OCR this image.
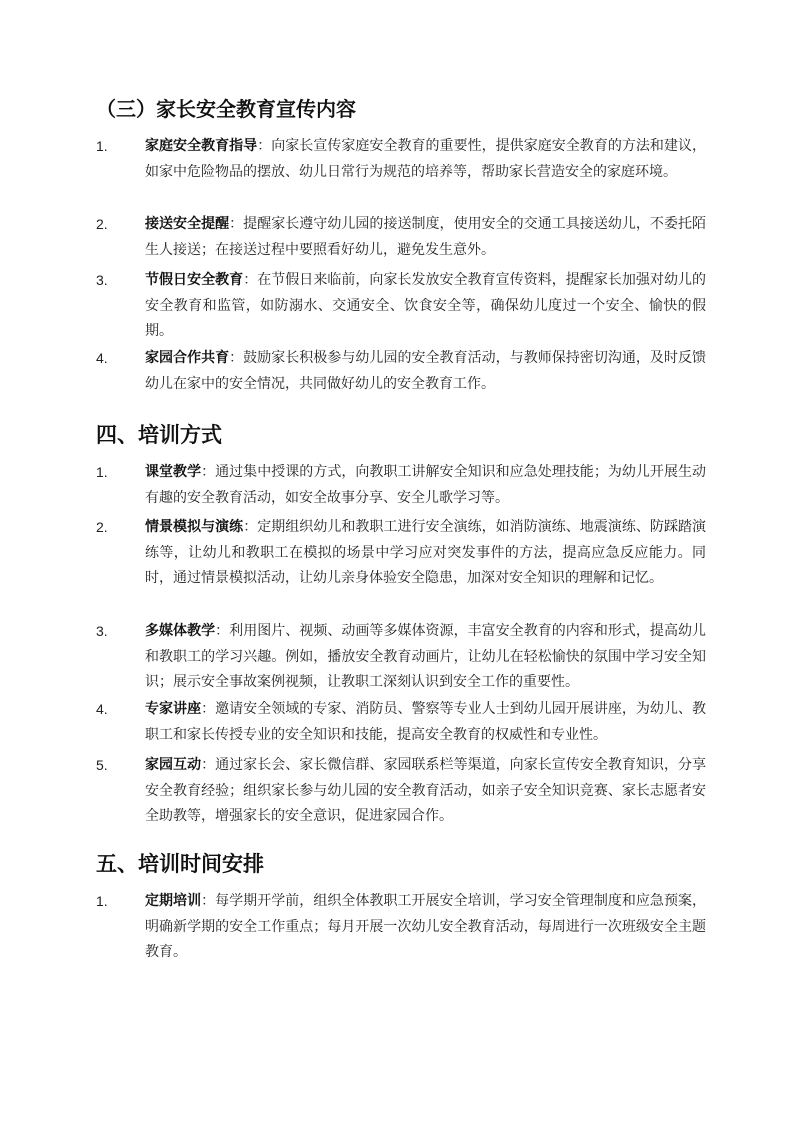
（三）家长安全教育宣传内容
1.	家庭安全教育指导：向家长宣传家庭安全教育的重要性，提供家庭安全教育的方法和建议，如家中危险物品的摆放、幼儿日常行为规范的培养等，帮助家长营造安全的家庭环境。
2.	接送安全提醒：提醒家长遵守幼儿园的接送制度，使用安全的交通工具接送幼儿，不委托陌生人接送；在接送过程中要照看好幼儿，避免发生意外。
3.	节假日安全教育：在节假日来临前，向家长发放安全教育宣传资料，提醒家长加强对幼儿的安全教育和监管，如防溺水、交通安全、饮食安全等，确保幼儿度过一个安全、愉快的假期。
4.	家园合作共育：鼓励家长积极参与幼儿园的安全教育活动，与教师保持密切沟通，及时反馈幼儿在家中的安全情况，共同做好幼儿的安全教育工作。
四、培训方式
1.	课堂教学：通过集中授课的方式，向教职工讲解安全知识和应急处理技能；为幼儿开展生动有趣的安全教育活动，如安全故事分享、安全儿歌学习等。
2.	情景模拟与演练：定期组织幼儿和教职工进行安全演练，如消防演练、地震演练、防踩踏演练等，让幼儿和教职工在模拟的场景中学习应对突发事件的方法，提高应急反应能力。同时，通过情景模拟活动，让幼儿亲身体验安全隐患，加深对安全知识的理解和记忆。
3.	多媒体教学：利用图片、视频、动画等多媒体资源，丰富安全教育的内容和形式，提高幼儿和教职工的学习兴趣。例如，播放安全教育动画片，让幼儿在轻松愉快的氛围中学习安全知识；展示安全事故案例视频，让教职工深刻认识到安全工作的重要性。
4.	专家讲座：邀请安全领域的专家、消防员、警察等专业人士到幼儿园开展讲座，为幼儿、教职工和家长传授专业的安全知识和技能，提高安全教育的权威性和专业性。
5.	家园互动：通过家长会、家长微信群、家园联系栏等渠道，向家长宣传安全教育知识，分享安全教育经验；组织家长参与幼儿园的安全教育活动，如亲子安全知识竞赛、家长志愿者安全助教等，增强家长的安全意识，促进家园合作。
五、培训时间安排
1.	定期培训：每学期开学前，组织全体教职工开展安全培训，学习安全管理制度和应急预案，明确新学期的安全工作重点；每月开展一次幼儿安全教育活动，每周进行一次班级安全主题教育。
